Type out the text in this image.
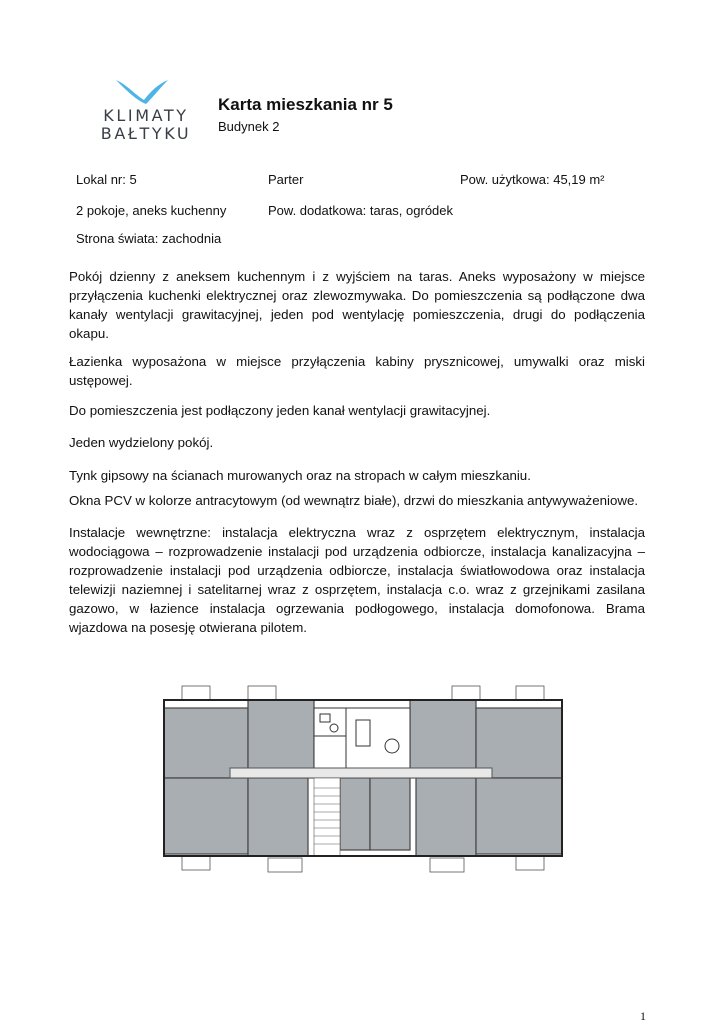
KLIMATY
BAŁTYKU
Karta mieszkania nr 5
Budynek 2
Lokal nr: 5	Parter	Pow. użytkowa: 45,19 m²
2 pokoje, aneks kuchenny	Pow. dodatkowa: taras, ogródek
Strona świata: zachodnia

Pokój dzienny z aneksem kuchennym i z wyjściem na taras. Aneks wyposażony w miejsce przyłączenia kuchenki elektrycznej oraz zlewozmywaka. Do pomieszczenia są podłączone dwa kanały wentylacji grawitacyjnej, jeden pod wentylację pomieszczenia, drugi do podłączenia okapu.

Łazienka wyposażona w miejsce przyłączenia kabiny prysznicowej, umywalki oraz miski ustępowej.

Do pomieszczenia jest podłączony jeden kanał wentylacji grawitacyjnej.

Jeden wydzielony pokój.

Tynk gipsowy na ścianach murowanych oraz na stropach w całym mieszkaniu.

Okna PCV w kolorze antracytowym (od wewnątrz białe), drzwi do mieszkania antywyważeniowe.

Instalacje wewnętrzne: instalacja elektryczna wraz z osprzętem elektrycznym, instalacja wodociągowa – rozprowadzenie instalacji pod urządzenia odbiorcze, instalacja kanalizacyjna – rozprowadzenie instalacji pod urządzenia odbiorcze, instalacja światłowodowa oraz instalacja telewizji naziemnej i satelitarnej wraz z osprzętem, instalacja c.o. wraz z grzejnikami zasilana gazowo, w łazience instalacja ogrzewania podłogowego, instalacja domofonowa. Brama wjazdowa na posesję otwierana pilotem.

1
